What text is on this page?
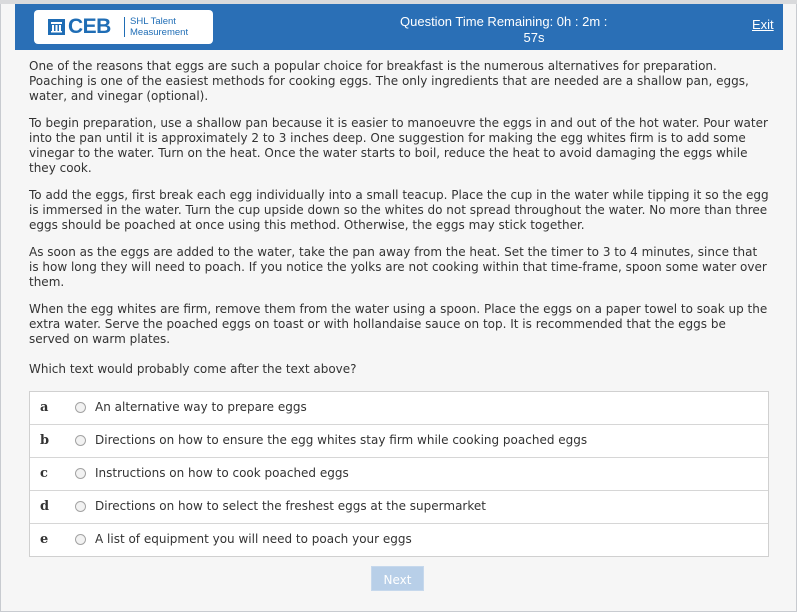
CEB SHL Talent Measurement
Question Time Remaining: 0h : 2m :
57s
Exit

One of the reasons that eggs are such a popular choice for breakfast is the numerous alternatives for preparation. Poaching is one of the easiest methods for cooking eggs. The only ingredients that are needed are a shallow pan, eggs, water, and vinegar (optional).

To begin preparation, use a shallow pan because it is easier to manoeuvre the eggs in and out of the hot water. Pour water into the pan until it is approximately 2 to 3 inches deep. One suggestion for making the egg whites firm is to add some vinegar to the water. Turn on the heat. Once the water starts to boil, reduce the heat to avoid damaging the eggs while they cook.

To add the eggs, first break each egg individually into a small teacup. Place the cup in the water while tipping it so the egg is immersed in the water. Turn the cup upside down so the whites do not spread throughout the water. No more than three eggs should be poached at once using this method. Otherwise, the eggs may stick together.

As soon as the eggs are added to the water, take the pan away from the heat. Set the timer to 3 to 4 minutes, since that is how long they will need to poach. If you notice the yolks are not cooking within that time-frame, spoon some water over them.

When the egg whites are firm, remove them from the water using a spoon. Place the eggs on a paper towel to soak up the extra water. Serve the poached eggs on toast or with hollandaise sauce on top. It is recommended that the eggs be served on warm plates.

Which text would probably come after the text above?
a	An alternative way to prepare eggs
b	Directions on how to ensure the egg whites stay firm while cooking poached eggs
c	Instructions on how to cook poached eggs
d	Directions on how to select the freshest eggs at the supermarket
e	A list of equipment you will need to poach your eggs
Next
